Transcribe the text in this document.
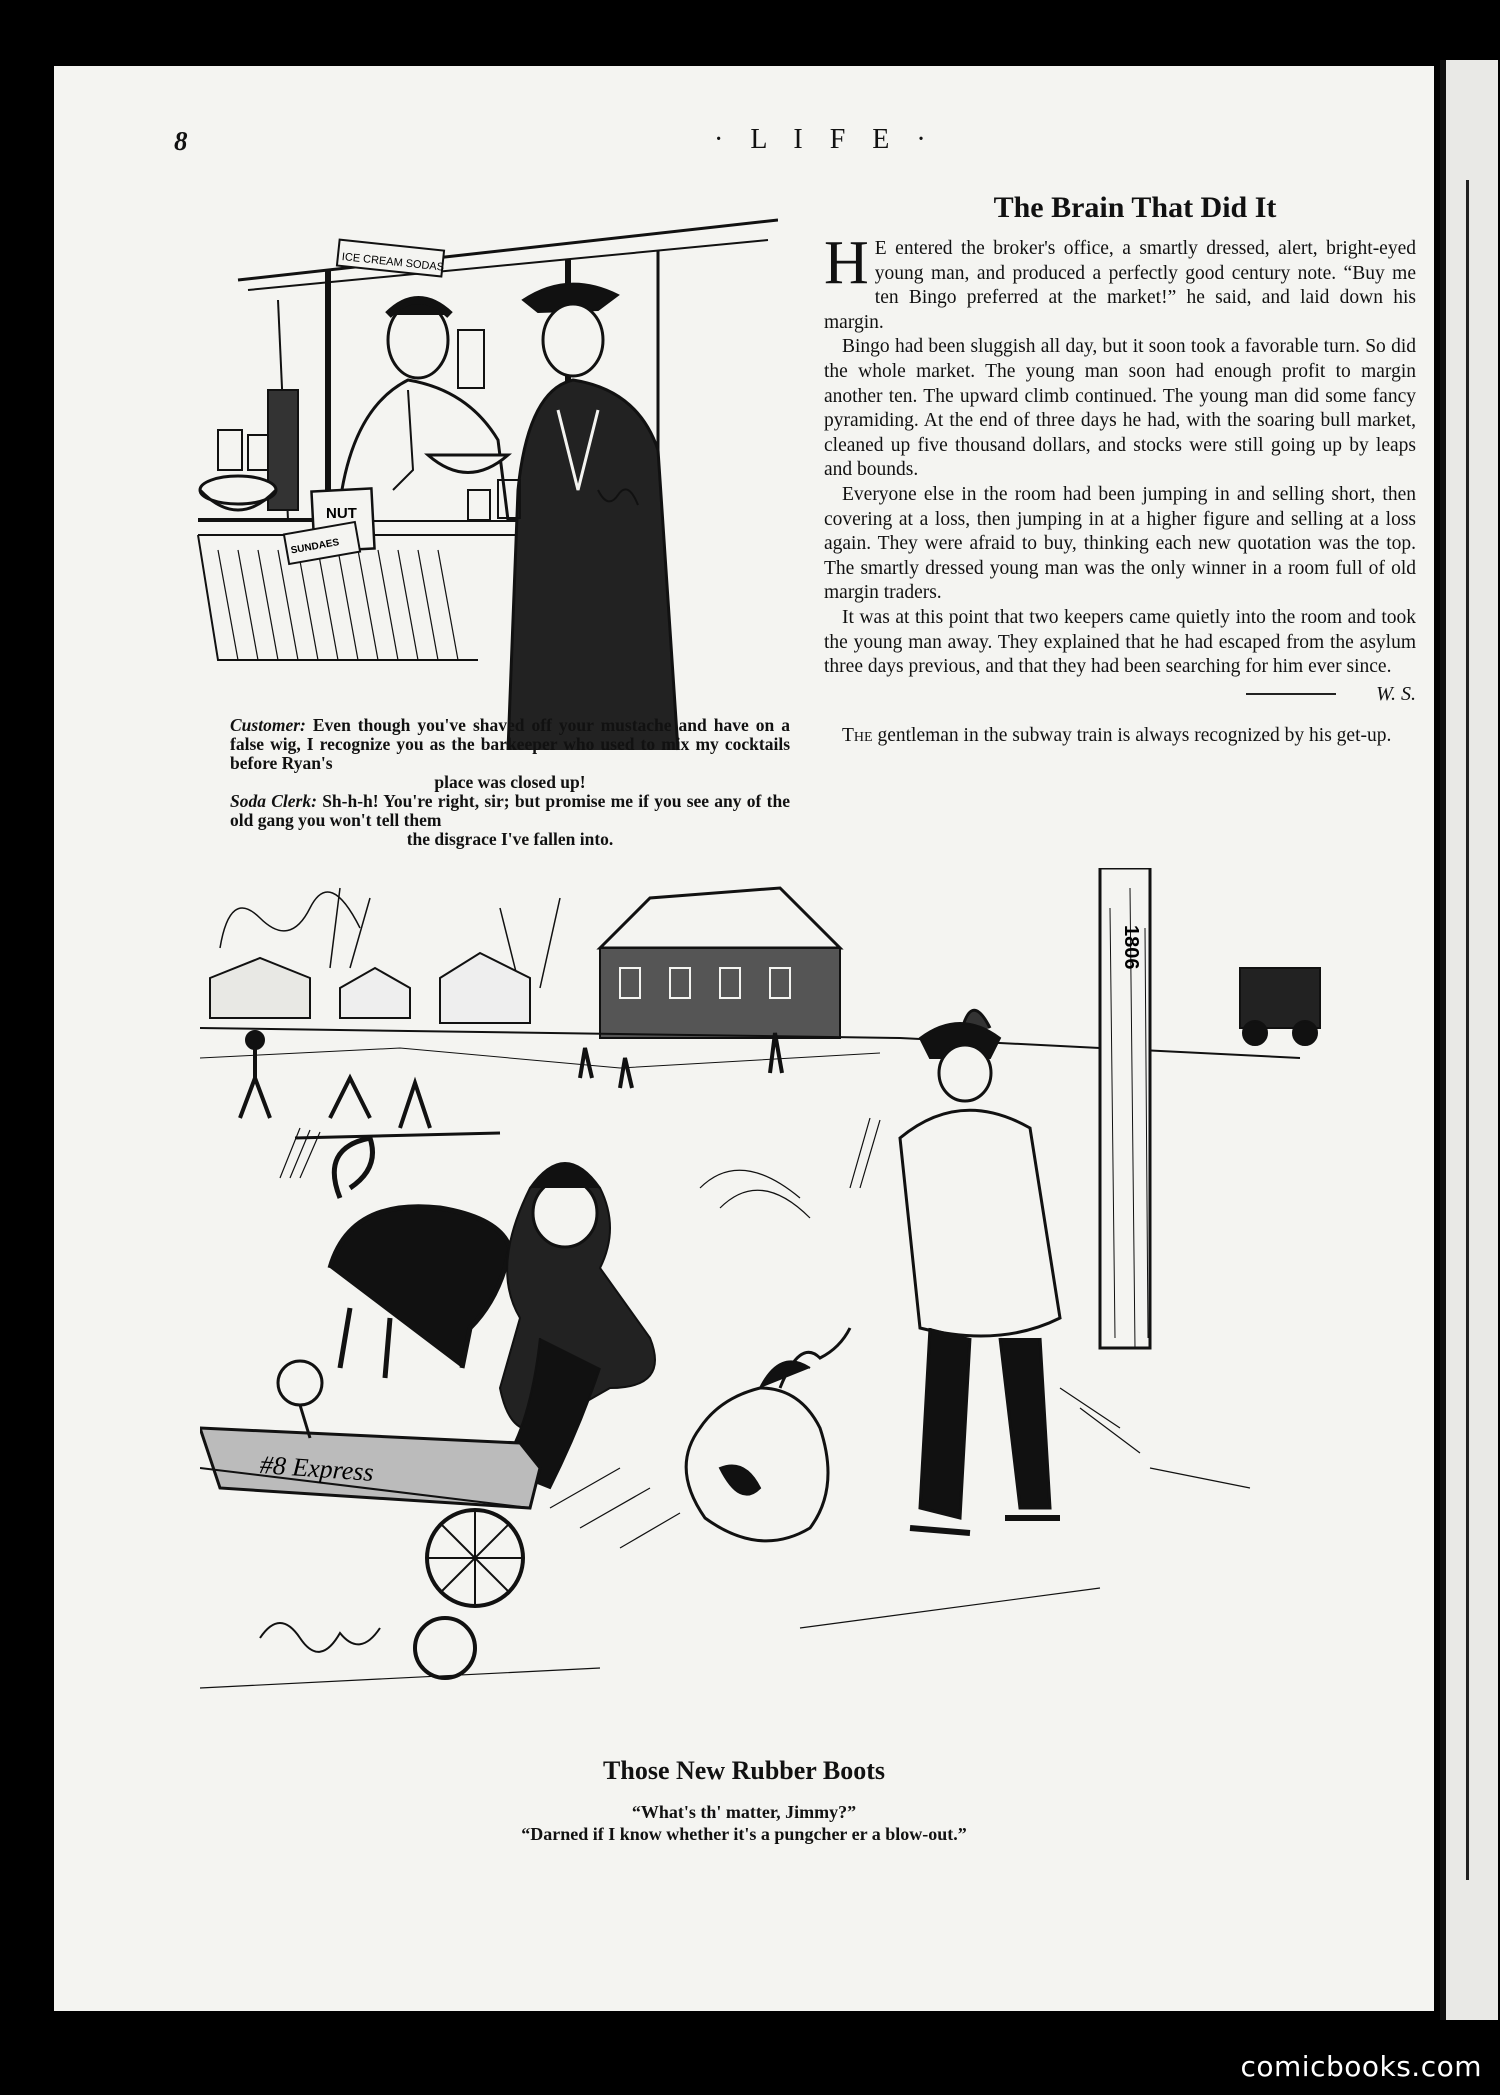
8	· L I F E ·
ICE CREAM SODAS
NUT
SUNDAES

Customer: Even though you've shaved off your mustache and have on a false wig, I recognize you as the barkeeper who used to mix my cocktails before Ryan's

place was closed up!

Soda Clerk: Sh-h-h! You're right, sir; but promise me if you see any of the old gang you won't tell them

the disgrace I've fallen into.

The Brain That Did It

H E entered the broker's office, a smartly dressed, alert, bright-eyed young man, and produced a perfectly good century note. “Buy me ten Bingo preferred at the market!” he said, and laid down his margin.

Bingo had been sluggish all day, but it soon took a favorable turn. So did the whole market. The young man soon had enough profit to margin another ten. The upward climb continued. The young man did some fancy pyramiding. At the end of three days he had, with the soaring bull market, cleaned up five thousand dollars, and stocks were still going up by leaps and bounds.

Everyone else in the room had been jumping in and selling short, then covering at a loss, then jumping in at a higher figure and selling at a loss again. They were afraid to buy, thinking each new quotation was the top. The smartly dressed young man was the only winner in a room full of old margin traders.

It was at this point that two keepers came quietly into the room and took the young man away. They explained that he had escaped from the asylum three days previous, and that they had been searching for him ever since.

W. S.

The gentleman in the subway train is always recognized by his get-up.

#8 Express
1806
Those New Rubber Boots
“What's th' matter, Jimmy?”
“Darned if I know whether it's a pungcher er a blow-out.”
comicbooks.com
